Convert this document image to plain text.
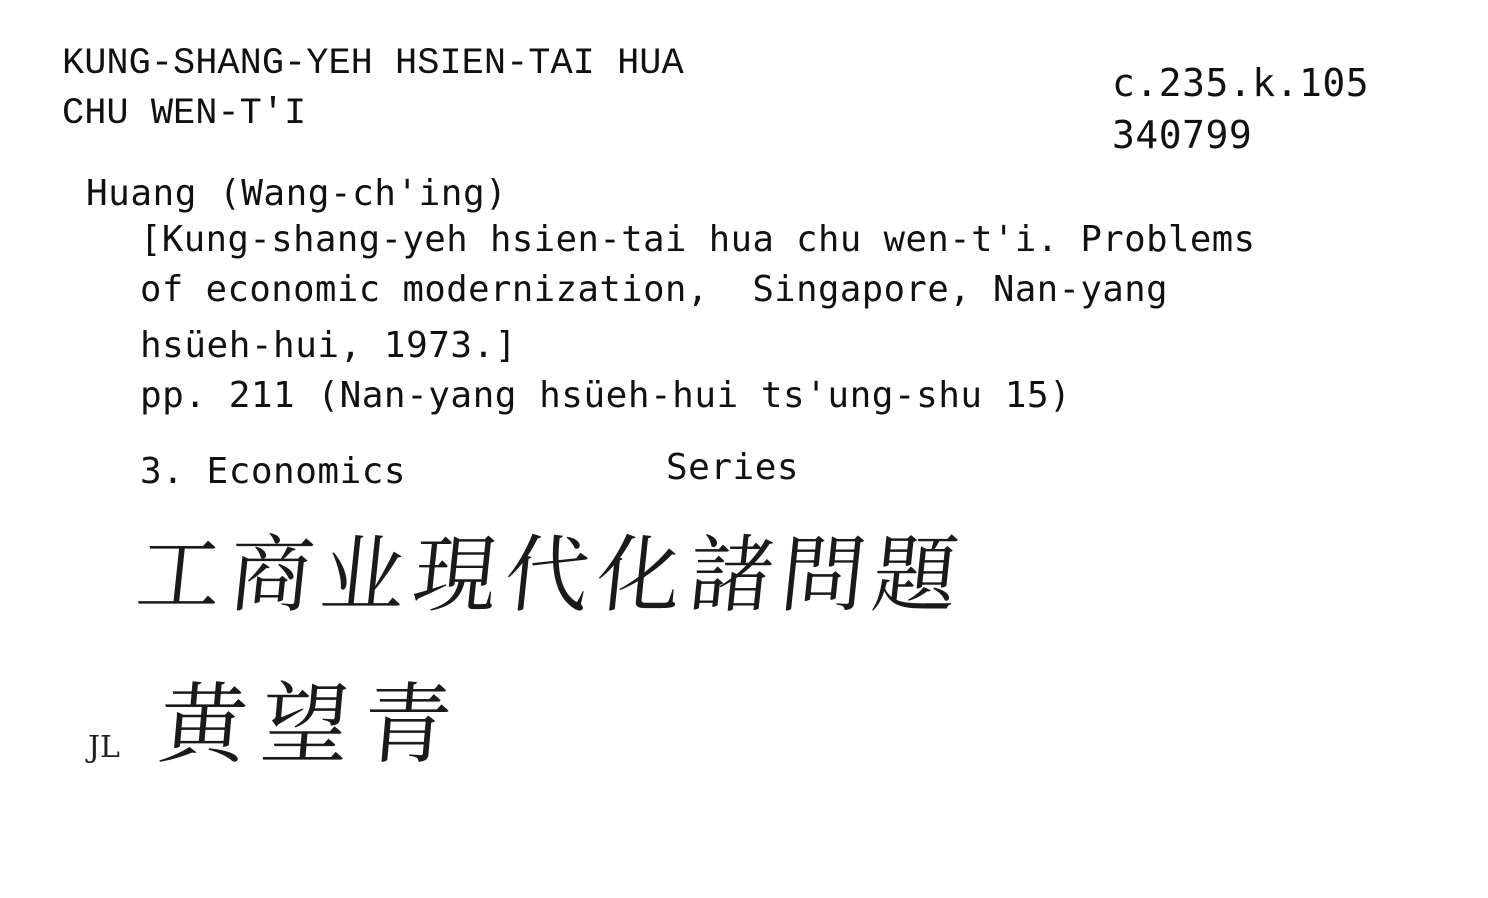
KUNG-SHANG-YEH HSIEN-TAI HUA
CHU WEN-T'I
c.235.k.105
340799
Huang (Wang-ch'ing)
[Kung-shang-yeh hsien-tai hua chu wen-t'i. Problems
of economic modernization,  Singapore, Nan-yang
hsüeh-hui, 1973.]
pp. 211 (Nan-yang hsüeh-hui ts'ung-shu 15)
3. Economics	Series
工商业現代化諸問題
JL 黄望青
